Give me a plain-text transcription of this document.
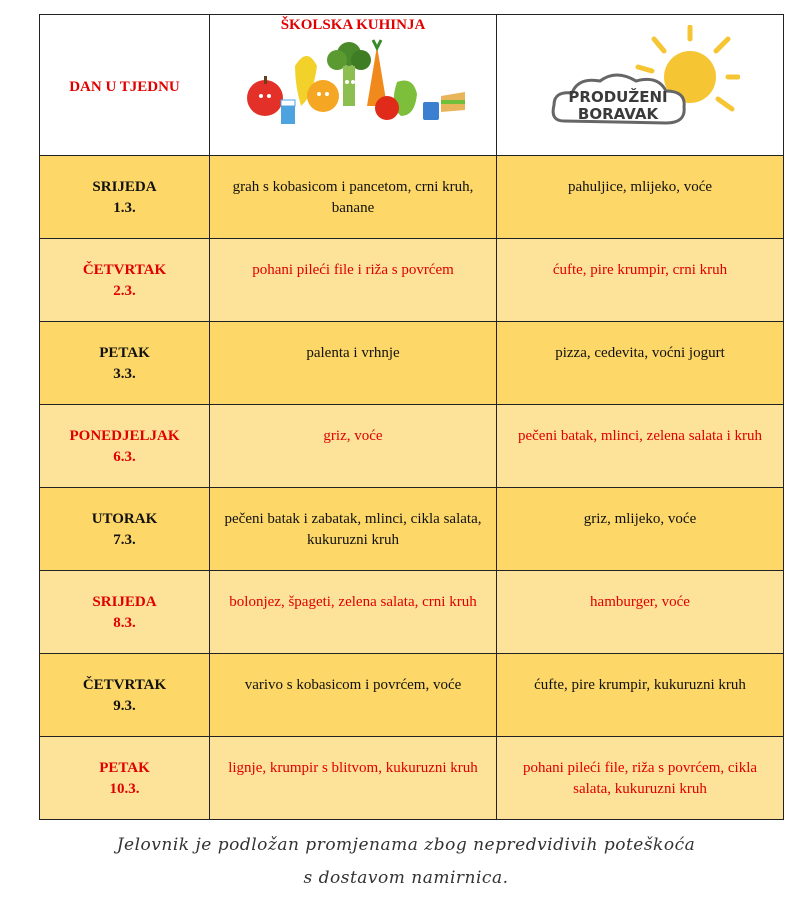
DAN U TJEDNU	ŠKOLSKA KUHINJA	PRODUŽENI
BORAVAK

SRIJEDA
1.3.	grah s kobasicom i pancetom, crni kruh, banane	pahuljice, mlijeko, voće

ČETVRTAK
2.3.	pohani pileći file i riža s povrćem	ćufte, pire krumpir, crni kruh

PETAK
3.3.	palenta i vrhnje	pizza, cedevita, voćni jogurt

PONEDJELJAK
6.3.	griz, voće	pečeni batak, mlinci, zelena salata i kruh

UTORAK
7.3.	pečeni batak i zabatak, mlinci, cikla salata, kukuruzni kruh	griz, mlijeko, voće

SRIJEDA
8.3.	bolonjez, špageti, zelena salata, crni kruh	hamburger, voće

ČETVRTAK
9.3.	varivo s kobasicom i povrćem, voće	ćufte, pire krumpir, kukuruzni kruh

PETAK
10.3.	lignje, krumpir s blitvom, kukuruzni kruh	pohani pileći file, riža s povrćem, cikla salata, kukuruzni kruh
Jelovnik je podložan promjenama zbog nepredvidivih poteškoća
s dostavom namirnica.
